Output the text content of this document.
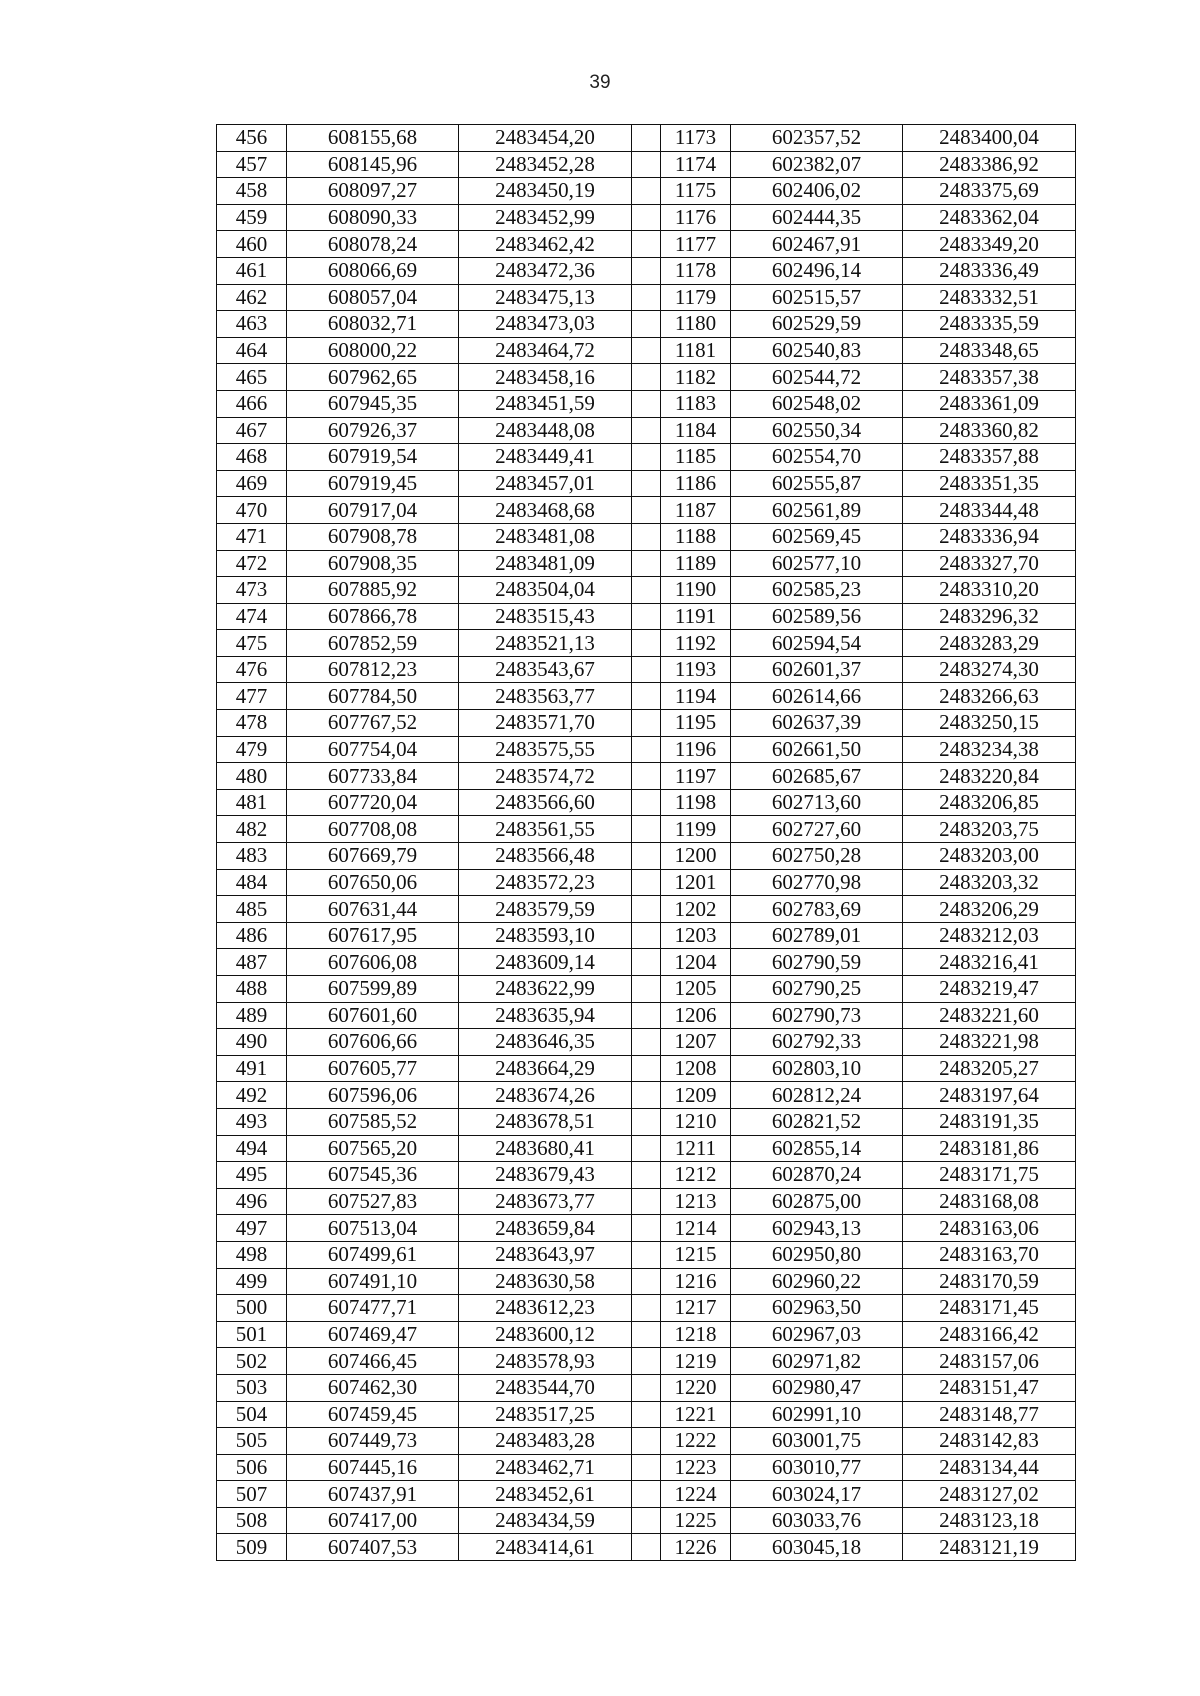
39
456	608155,68	2483454,20		1173	602357,52	2483400,04
457	608145,96	2483452,28		1174	602382,07	2483386,92
458	608097,27	2483450,19		1175	602406,02	2483375,69
459	608090,33	2483452,99		1176	602444,35	2483362,04
460	608078,24	2483462,42		1177	602467,91	2483349,20
461	608066,69	2483472,36		1178	602496,14	2483336,49
462	608057,04	2483475,13		1179	602515,57	2483332,51
463	608032,71	2483473,03		1180	602529,59	2483335,59
464	608000,22	2483464,72		1181	602540,83	2483348,65
465	607962,65	2483458,16		1182	602544,72	2483357,38
466	607945,35	2483451,59		1183	602548,02	2483361,09
467	607926,37	2483448,08		1184	602550,34	2483360,82
468	607919,54	2483449,41		1185	602554,70	2483357,88
469	607919,45	2483457,01		1186	602555,87	2483351,35
470	607917,04	2483468,68		1187	602561,89	2483344,48
471	607908,78	2483481,08		1188	602569,45	2483336,94
472	607908,35	2483481,09		1189	602577,10	2483327,70
473	607885,92	2483504,04		1190	602585,23	2483310,20
474	607866,78	2483515,43		1191	602589,56	2483296,32
475	607852,59	2483521,13		1192	602594,54	2483283,29
476	607812,23	2483543,67		1193	602601,37	2483274,30
477	607784,50	2483563,77		1194	602614,66	2483266,63
478	607767,52	2483571,70		1195	602637,39	2483250,15
479	607754,04	2483575,55		1196	602661,50	2483234,38
480	607733,84	2483574,72		1197	602685,67	2483220,84
481	607720,04	2483566,60		1198	602713,60	2483206,85
482	607708,08	2483561,55		1199	602727,60	2483203,75
483	607669,79	2483566,48		1200	602750,28	2483203,00
484	607650,06	2483572,23		1201	602770,98	2483203,32
485	607631,44	2483579,59		1202	602783,69	2483206,29
486	607617,95	2483593,10		1203	602789,01	2483212,03
487	607606,08	2483609,14		1204	602790,59	2483216,41
488	607599,89	2483622,99		1205	602790,25	2483219,47
489	607601,60	2483635,94		1206	602790,73	2483221,60
490	607606,66	2483646,35		1207	602792,33	2483221,98
491	607605,77	2483664,29		1208	602803,10	2483205,27
492	607596,06	2483674,26		1209	602812,24	2483197,64
493	607585,52	2483678,51		1210	602821,52	2483191,35
494	607565,20	2483680,41		1211	602855,14	2483181,86
495	607545,36	2483679,43		1212	602870,24	2483171,75
496	607527,83	2483673,77		1213	602875,00	2483168,08
497	607513,04	2483659,84		1214	602943,13	2483163,06
498	607499,61	2483643,97		1215	602950,80	2483163,70
499	607491,10	2483630,58		1216	602960,22	2483170,59
500	607477,71	2483612,23		1217	602963,50	2483171,45
501	607469,47	2483600,12		1218	602967,03	2483166,42
502	607466,45	2483578,93		1219	602971,82	2483157,06
503	607462,30	2483544,70		1220	602980,47	2483151,47
504	607459,45	2483517,25		1221	602991,10	2483148,77
505	607449,73	2483483,28		1222	603001,75	2483142,83
506	607445,16	2483462,71		1223	603010,77	2483134,44
507	607437,91	2483452,61		1224	603024,17	2483127,02
508	607417,00	2483434,59		1225	603033,76	2483123,18
509	607407,53	2483414,61		1226	603045,18	2483121,19
